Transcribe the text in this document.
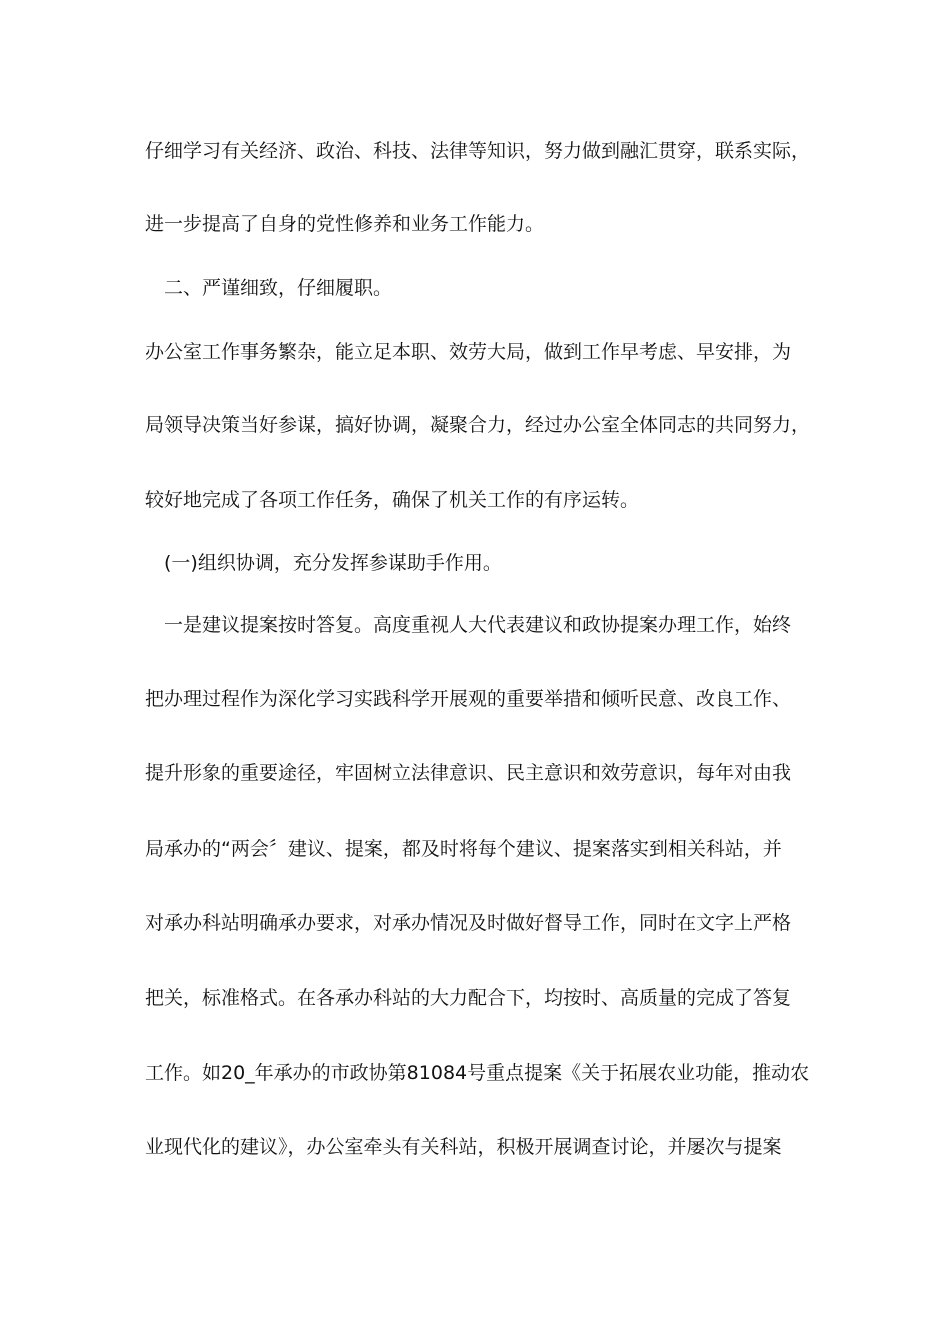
仔细学习有关经济、政治、科技、法律等知识，努力做到融汇贯穿，联系实际，
进一步提高了自身的党性修养和业务工作能力。
二、严谨细致，仔细履职。
办公室工作事务繁杂，能立足本职、效劳大局，做到工作早考虑、早安排，为
局领导决策当好参谋，搞好协调，凝聚合力，经过办公室全体同志的共同努力，
较好地完成了各项工作任务，确保了机关工作的有序运转。
(一)组织协调，充分发挥参谋助手作用。
一是建议提案按时答复。高度重视人大代表建议和政协提案办理工作，始终
把办理过程作为深化学习实践科学开展观的重要举措和倾听民意、改良工作、
提升形象的重要途径，牢固树立法律意识、民主意识和效劳意识，每年对由我
局承办的“两会〞建议、提案，都及时将每个建议、提案落实到相关科站，并
对承办科站明确承办要求，对承办情况及时做好督导工作，同时在文字上严格
把关，标准格式。在各承办科站的大力配合下，均按时、高质量的完成了答复
工作。如20_年承办的市政协第81084号重点提案《关于拓展农业功能，推动农
业现代化的建议》，办公室牵头有关科站，积极开展调查讨论，并屡次与提案
